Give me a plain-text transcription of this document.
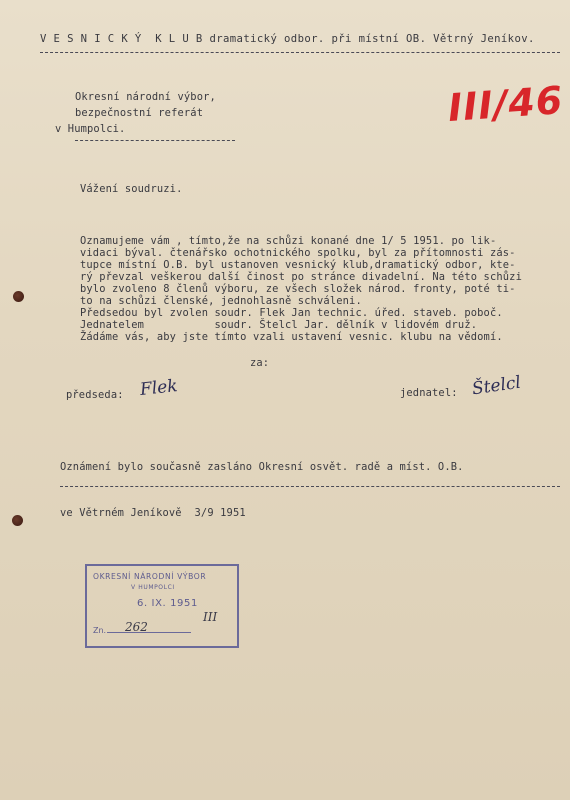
V E S N I C K Ý  K L U B dramatický odbor. při místní OB. Větrný Jeníkov.
Okresní národní výbor,
bezpečnostní referát
v Humpolci.	III/46
Vážení soudruzi.
Oznamujeme vám , tímto,že na schůzi konané dne 1/ 5 1951. po lik-
vidaci býval. čtenářsko ochotnického spolku, byl za přítomnosti zás-
tupce místní O.B. byl ustanoven vesnický klub,dramatický odbor, kte-
rý převzal veškerou další činost po stránce divadelní. Na této schůzi
bylo zvoleno 8 členů výboru, ze všech složek národ. fronty, poté ti-
to na schůzi členské, jednohlasně schváleni.
Předsedou byl zvolen soudr. Flek Jan technic. úřed. staveb. poboč.
Jednatelem           soudr. Štelcl Jar. dělník v lidovém druž.
Žádáme vás, aby jste tímto vzali ustavení vesnic. klubu na vědomí.
za:
předseda: Flek	jednatel: Štelcl
Oznámení bylo současně zasláno Okresní osvět. radě a míst. O.B.
ve Větrném Jeníkově  3/9 1951
OKRESNÍ NÁRODNÍ VÝBOR
V HUMPOLCI
6. IX. 1951
Zn. 262
III
